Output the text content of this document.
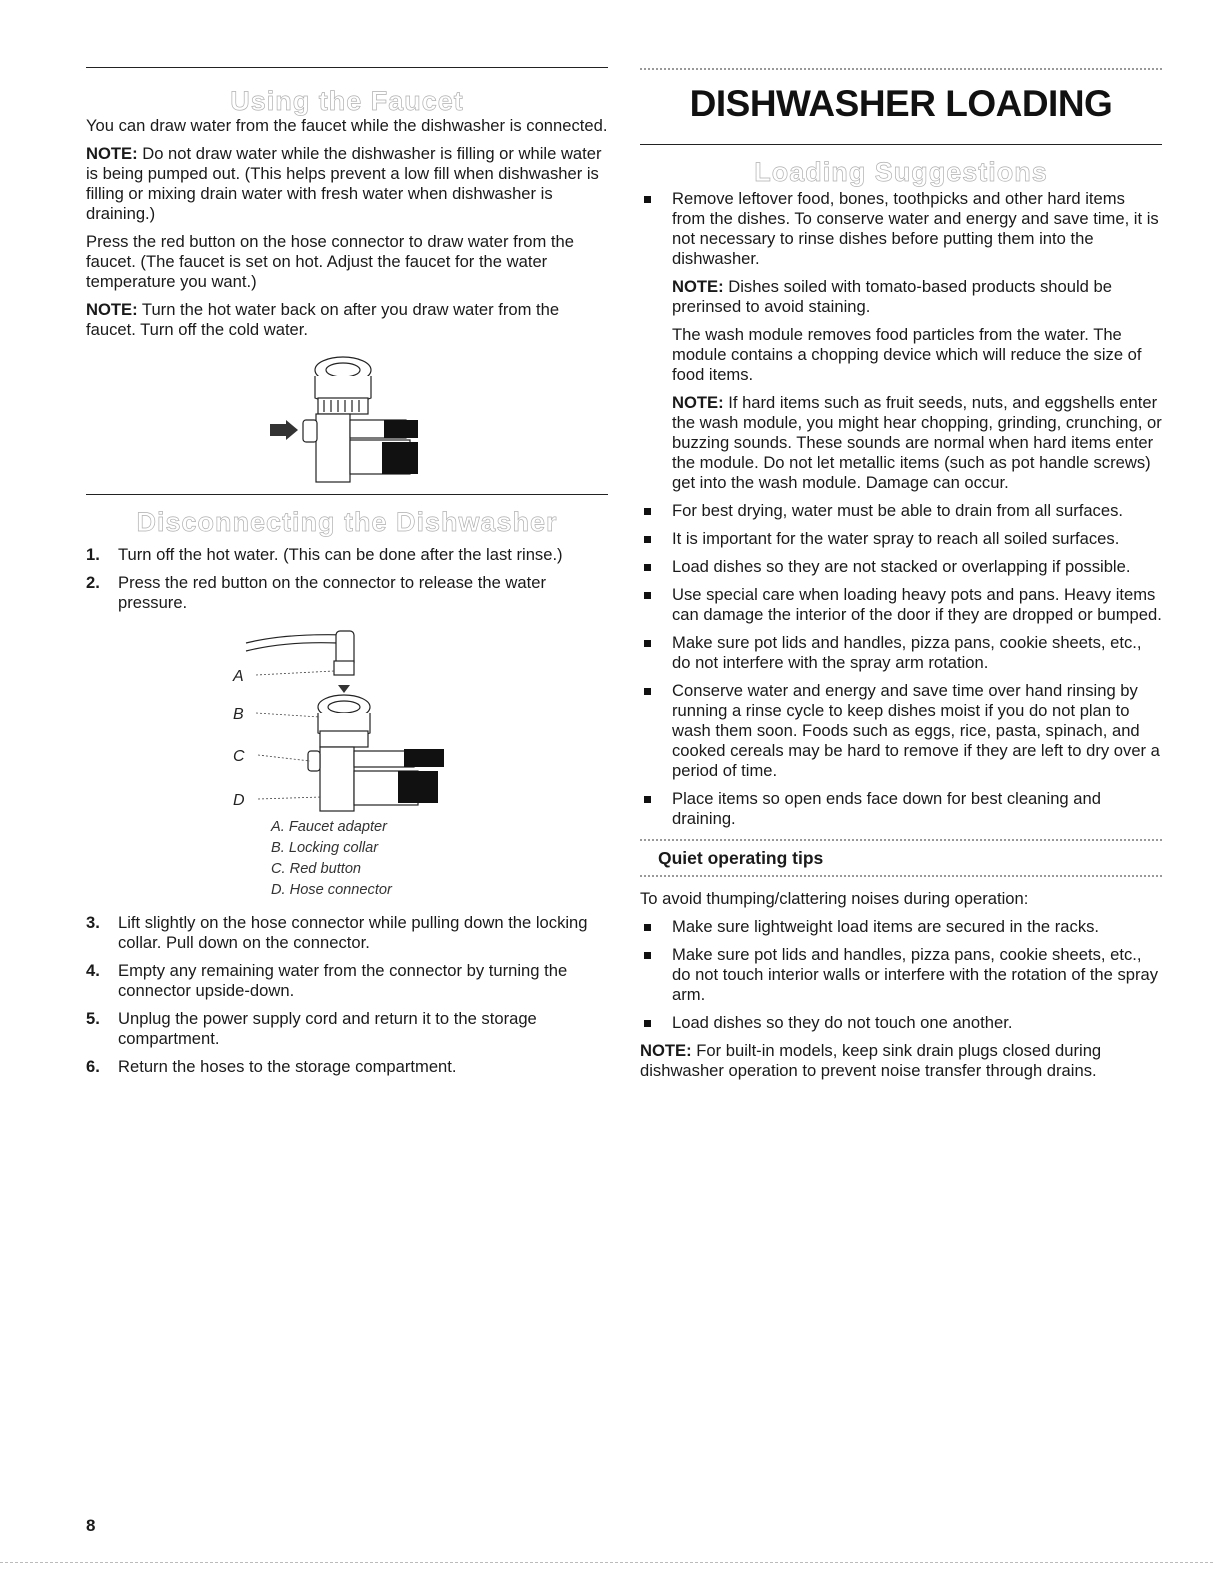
Using the Faucet

You can draw water from the faucet while the dishwasher is connected.

NOTE: Do not draw water while the dishwasher is filling or while water is being pumped out. (This helps prevent a low fill when dishwasher is filling or mixing drain water with fresh water when dishwasher is draining.)

Press the red button on the hose connector to draw water from the faucet. (The faucet is set on hot. Adjust the faucet for the water temperature you want.)

NOTE: Turn the hot water back on after you draw water from the faucet. Turn off the cold water.

Disconnecting the Dishwasher
1. Turn off the hot water. (This can be done after the last rinse.)
2. Press the red button on the connector to release the water pressure.
A
B
C
D
A. Faucet adapter
B. Locking collar
C. Red button
D. Hose connector
3. Lift slightly on the hose connector while pulling down the locking collar. Pull down on the connector.
4. Empty any remaining water from the connector by turning the connector upside-down.
5. Unplug the power supply cord and return it to the storage compartment.
6. Return the hoses to the storage compartment.
DISHWASHER LOADING
Loading Suggestions
Remove leftover food, bones, toothpicks and other hard items from the dishes. To conserve water and energy and save time, it is not necessary to rinse dishes before putting them into the dishwasher.
NOTE: Dishes soiled with tomato-based products should be prerinsed to avoid staining.
The wash module removes food particles from the water. The module contains a chopping device which will reduce the size of food items.
NOTE: If hard items such as fruit seeds, nuts, and eggshells enter the wash module, you might hear chopping, grinding, crunching, or buzzing sounds. These sounds are normal when hard items enter the module. Do not let metallic items (such as pot handle screws) get into the wash module. Damage can occur.
For best drying, water must be able to drain from all surfaces.
It is important for the water spray to reach all soiled surfaces.
Load dishes so they are not stacked or overlapping if possible.
Use special care when loading heavy pots and pans. Heavy items can damage the interior of the door if they are dropped or bumped.
Make sure pot lids and handles, pizza pans, cookie sheets, etc., do not interfere with the spray arm rotation.
Conserve water and energy and save time over hand rinsing by running a rinse cycle to keep dishes moist if you do not plan to wash them soon. Foods such as eggs, rice, pasta, spinach, and cooked cereals may be hard to remove if they are left to dry over a period of time.
Place items so open ends face down for best cleaning and draining.
Quiet operating tips

To avoid thumping/clattering noises during operation:

Make sure lightweight load items are secured in the racks.
Make sure pot lids and handles, pizza pans, cookie sheets, etc., do not touch interior walls or interfere with the rotation of the spray arm.
Load dishes so they do not touch one another.

NOTE: For built-in models, keep sink drain plugs closed during dishwasher operation to prevent noise transfer through drains.

8
